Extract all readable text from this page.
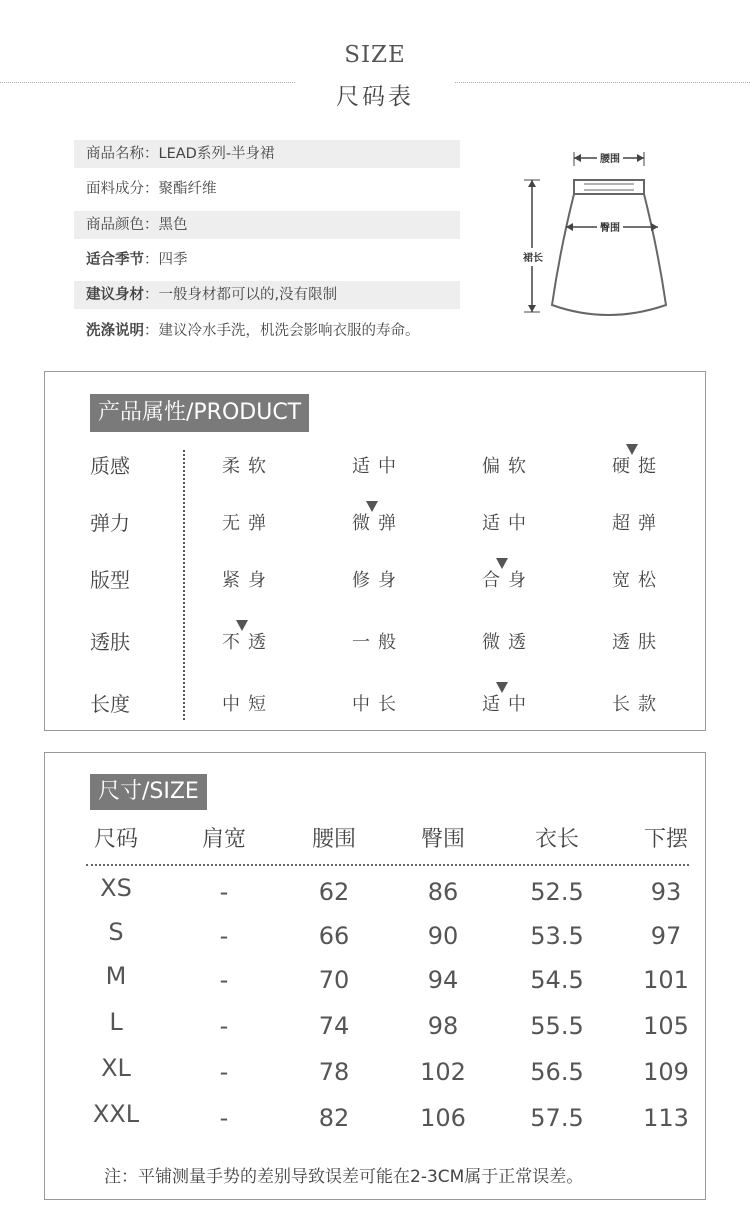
SIZE
尺码表
商品名称：LEAD系列-半身裙
面料成分：聚酯纤维
商品颜色：黑色
适合季节：四季
建议身材：一般身材都可以的,没有限制
洗涤说明：建议冷水手洗，机洗会影响衣服的寿命。
腰围
臀围
裙长
产品属性/PRODUCT
质感	柔软	适中	偏软	硬挺
弹力	无弹	微弹	适中	超弹
版型	紧身	修身	合身	宽松
透肤	不透	一般	微透	透肤
长度	中短	中长	适中	长款
尺寸/SIZE
尺码	肩宽	腰围	臀围	衣长	下摆
XS	-	62	86	52.5	93
S	-	66	90	53.5	97
M	-	70	94	54.5	101
L	-	74	98	55.5	105
XL	-	78	102	56.5	109
XXL	-	82	106	57.5	113
注：平铺测量手势的差别导致误差可能在2-3CM属于正常误差。
